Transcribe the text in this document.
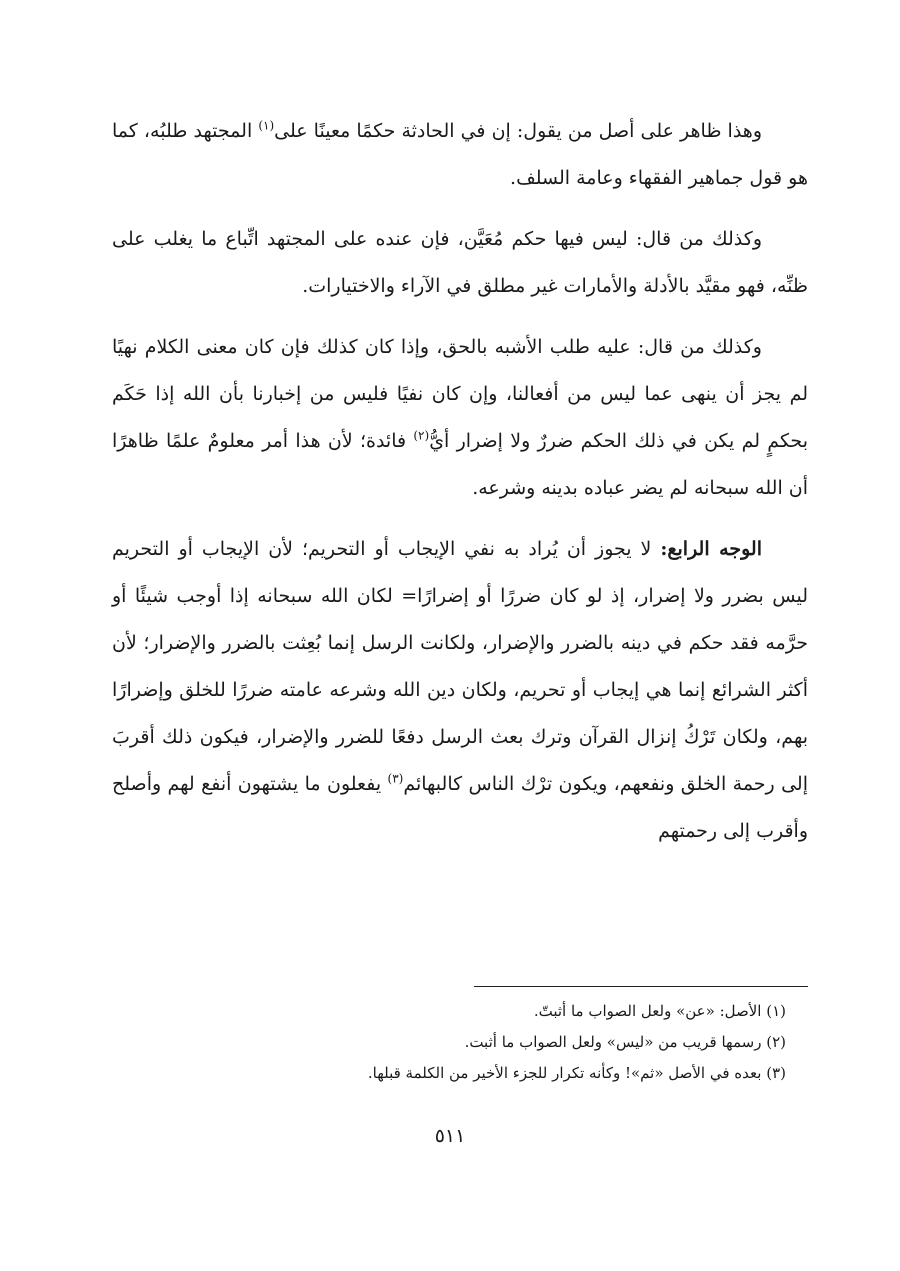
وهذا ظاهر على أصل من يقول: إن في الحادثة حكمًا معينًا على$^{(١)}$ المجتهد طلبُه، كما هو قول جماهير الفقهاء وعامة السلف.

وكذلك من قال: ليس فيها حكم مُعَيَّن، فإن عنده على المجتهد اتِّباع ما يغلب على ظنِّه، فهو مقيَّد بالأدلة والأمارات غير مطلق في الآراء والاختيارات.

وكذلك من قال: عليه طلب الأشبه بالحق، وإذا كان كذلك فإن كان معنى الكلام نهيًا لم يجز أن ينهى عما ليس من أفعالنا، وإن كان نفيًا فليس من إخبارنا بأن الله إذا حَكَم بحكمٍ لم يكن في ذلك الحكم ضررٌ ولا إضرار أيُّ$^{(٢)}$ فائدة؛ لأن هذا أمر معلومٌ علمًا ظاهرًا أن الله سبحانه لم يضر عباده بدينه وشرعه.

الوجه الرابع: لا يجوز أن يُراد به نفي الإيجاب أو التحريم؛ لأن الإيجاب أو التحريم ليس بضرر ولا إضرار، إذ لو كان ضررًا أو إضرارًا= لكان الله سبحانه إذا أوجب شيئًا أو حرَّمه فقد حكم في دينه بالضرر والإضرار، ولكانت الرسل إنما بُعِثت بالضرر والإضرار؛ لأن أكثر الشرائع إنما هي إيجاب أو تحريم، ولكان دين الله وشرعه عامته ضررًا للخلق وإضرارًا بهم، ولكان تَرْكُ إنزال القرآن وترك بعث الرسل دفعًا للضرر والإضرار، فيكون ذلك أقربَ إلى رحمة الخلق ونفعهم، ويكون ترْك الناس كالبهائم$^{(٣)}$ يفعلون ما يشتهون أنفع لهم وأصلح وأقرب إلى رحمتهم

(١) الأصل: «عن» ولعل الصواب ما أثبتّ.

(٢) رسمها قريب من «ليس» ولعل الصواب ما أثبت.

(٣) بعده في الأصل «ثم»! وكأنه تكرار للجزء الأخير من الكلمة قبلها.

٥١١
